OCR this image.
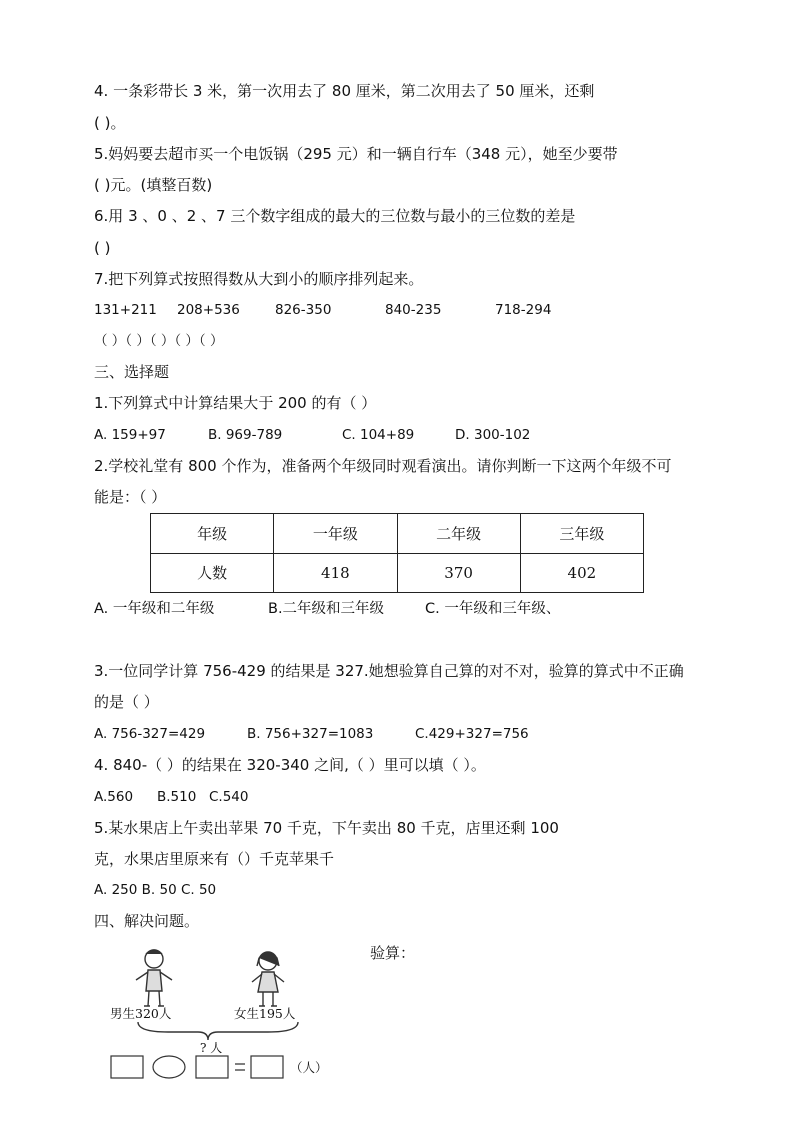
4. 一条彩带长 3 米，第一次用去了 80 厘米，第二次用去了 50 厘米，还剩
( )。
5.妈妈要去超市买一个电饭锅（295 元）和一辆自行车（348 元），她至少要带
( )元。(填整百数)
6.用 3 、0 、2 、7 三个数字组成的最大的三位数与最小的三位数的差是
( )
7.把下列算式按照得数从大到小的顺序排列起来。
131+211 208+536	826-350	840-235	718-294
（ ）（ ）（ ）（ ）（ ）
三、选择题
1.下列算式中计算结果大于 200 的有（ ）
A. 159+97	B. 969-789	C. 104+89	D. 300-102
2.学校礼堂有 800 个作为，准备两个年级同时观看演出。请你判断一下这两个年级不可
能是：（ ）
年级	一年级	二年级	三年级
人数	418	370	402
A. 一年级和二年级	B.二年级和三年级	C. 一年级和三年级、
3.一位同学计算 756-429 的结果是 327.她想验算自己算的对不对，验算的算式中不正确
的是（ ）
A. 756-327=429	B. 756+327=1083	C.429+327=756
4. 840-（ ）的结果在 320-340 之间,（ ）里可以填（ ）。
A.560 B.510 C.540
5.某水果店上午卖出苹果 70 千克，下午卖出 80 千克，店里还剩 100
克，水果店里原来有（）千克苹果千
A. 250 B. 50 C. 50
四、解决问题。
验算：
男生320人	女生195人
? 人
（人）
